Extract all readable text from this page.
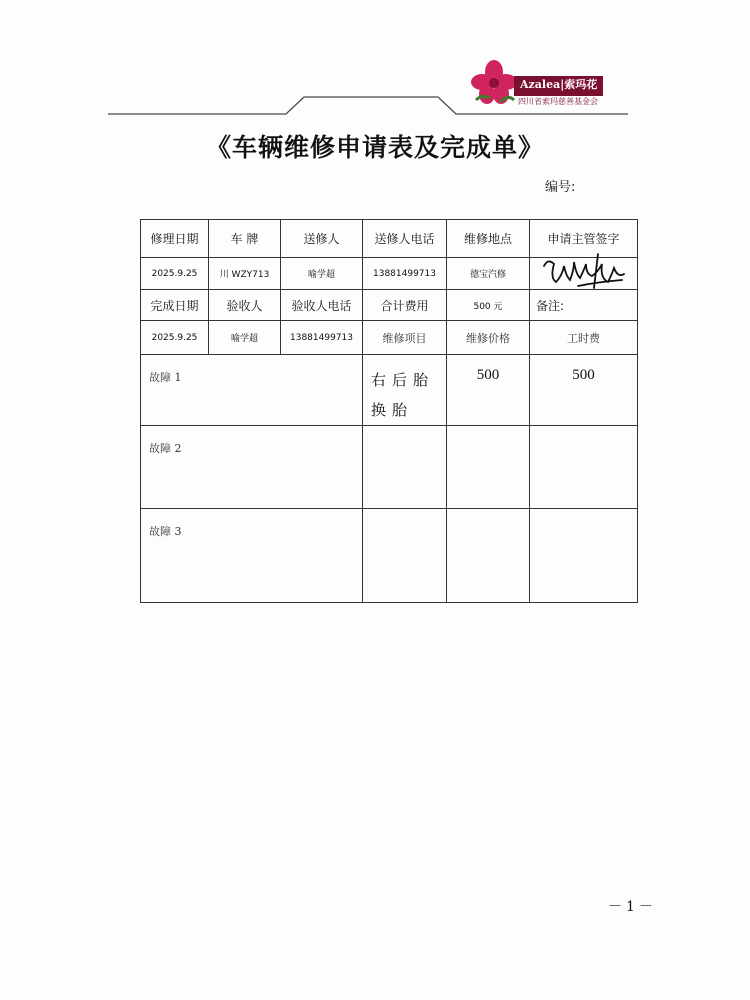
Azalea|索玛花
四川省索玛慈善基金会
《车辆维修申请表及完成单》
编号:
修理日期	车 牌	送修人	送修人电话	维修地点	申请主管签字
2025.9.25	川 WZY713	喻学超	13881499713	德宝汽修	

完成日期	验收人	验收人电话	合计费用	500 元	备注:
2025.9.25	喻学超	13881499713	维修项目	维修价格	工时费
故障 1			右后胎换胎	500	500
故障 2					
故障 3					
－1－
